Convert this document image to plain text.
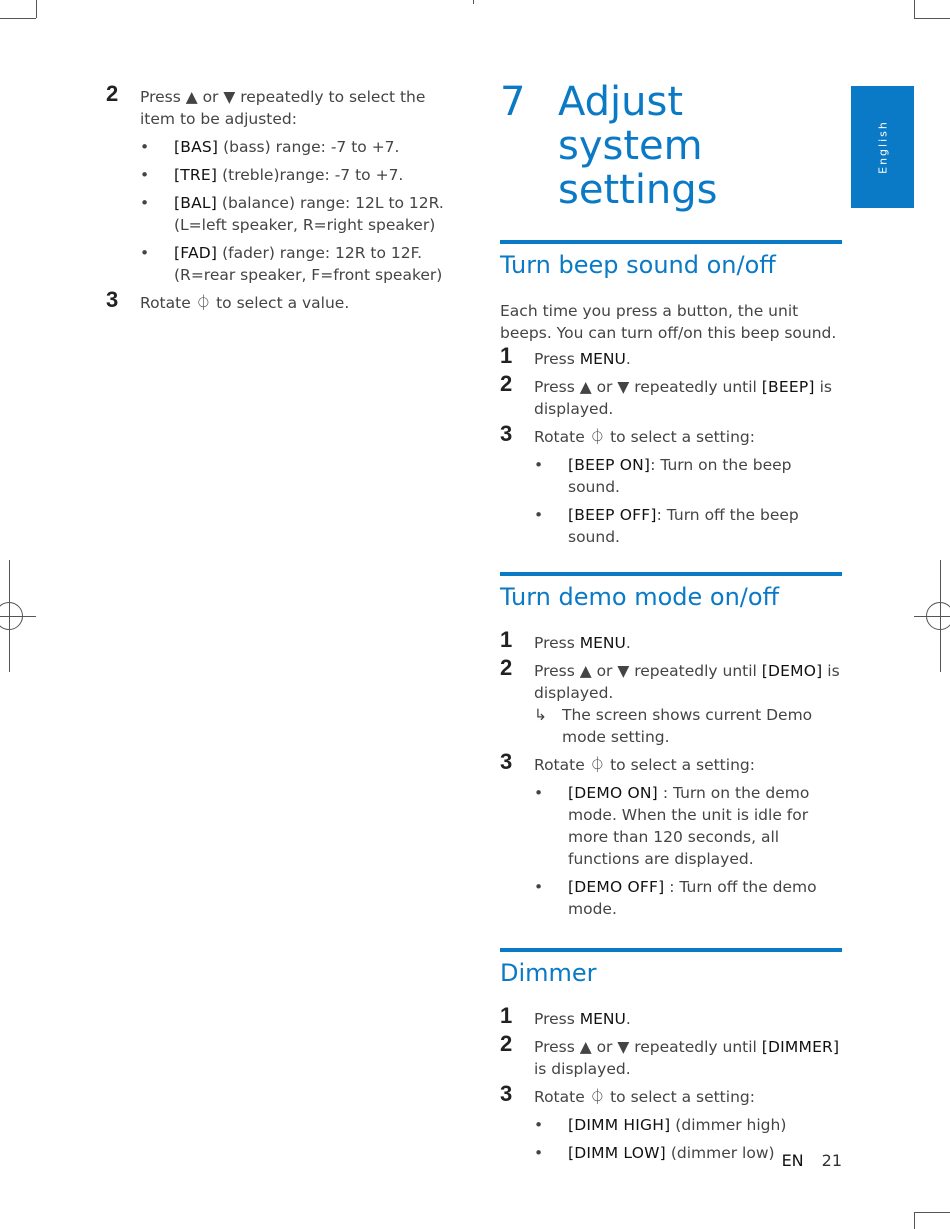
English
2 Press ▲ or ▼ repeatedly to select the item to be adjusted:
• [BAS] (bass) range: -7 to +7.
• [TRE] (treble)range: -7 to +7.
• [BAL] (balance) range: 12L to 12R. (L=left speaker, R=right speaker)
• [FAD] (fader) range: 12R to 12F. (R=rear speaker, F=front speaker)
3 Rotate ⏀ to select a value.
7 Adjust system settings
Turn beep sound on/off

Each time you press a button, the unit beeps. You can turn off/on this beep sound.

1 Press MENU.
2 Press ▲ or ▼ repeatedly until [BEEP] is displayed.
3 Rotate ⏀ to select a setting:
• [BEEP ON]: Turn on the beep sound.
• [BEEP OFF]: Turn off the beep sound.
Turn demo mode on/off
1 Press MENU.
2 Press ▲ or ▼ repeatedly until [DEMO] is displayed.
↳ The screen shows current Demo mode setting.
3 Rotate ⏀ to select a setting:
• [DEMO ON] : Turn on the demo mode. When the unit is idle for more than 120 seconds, all functions are displayed.
• [DEMO OFF] : Turn off the demo mode.
Dimmer
1 Press MENU.
2 Press ▲ or ▼ repeatedly until [DIMMER] is displayed.
3 Rotate ⏀ to select a setting:
• [DIMM HIGH] (dimmer high)
• [DIMM LOW] (dimmer low) EN 21
